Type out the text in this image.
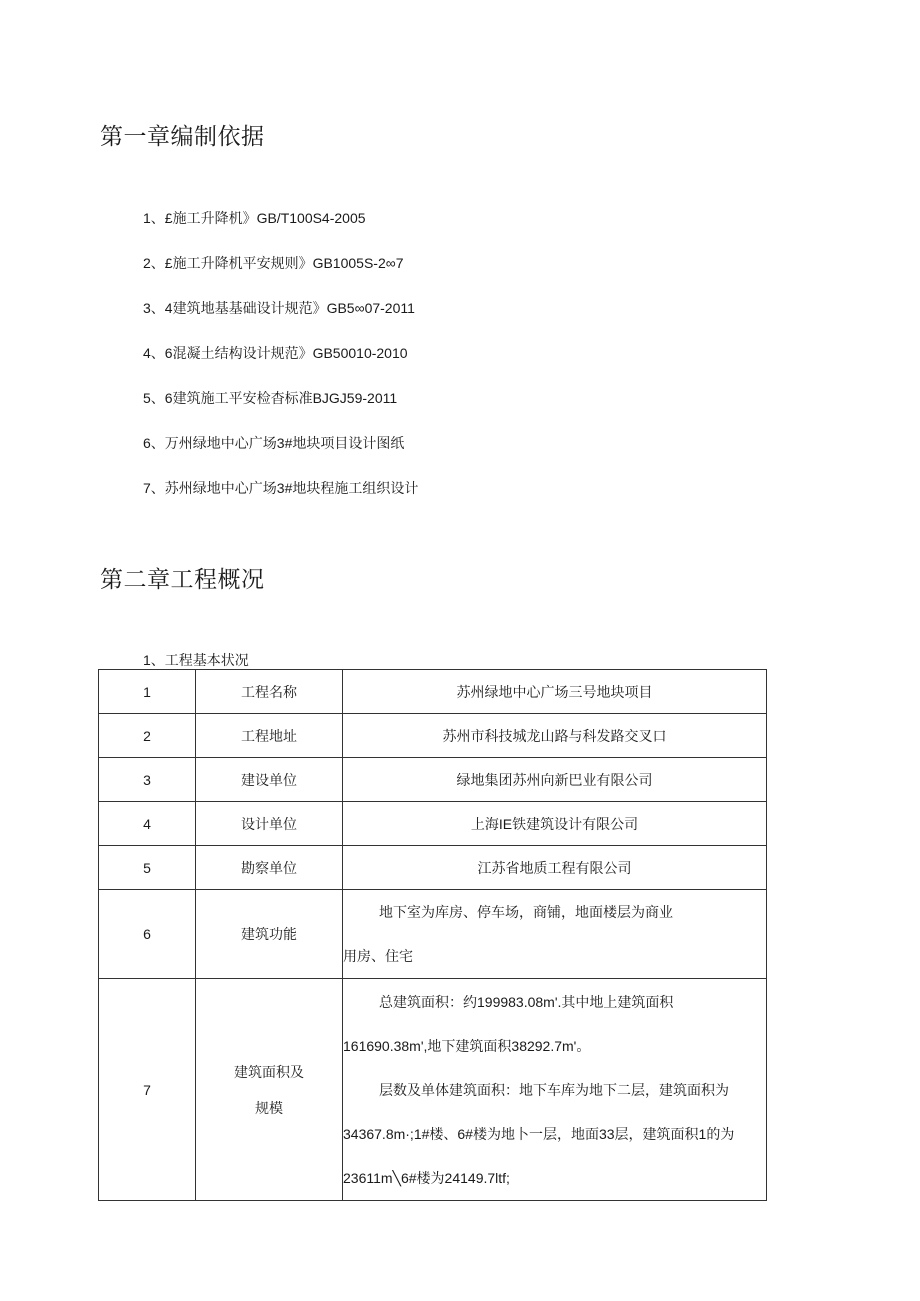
第一章编制依据
1、£施工升降机》GB/T100S4-2005
2、£施工升降机平安规则》GB1005S-2∞7
3、4建筑地基基础设计规范》GB5∞07-2011
4、6混凝土结构设计规范》GB50010-2010
5、6建筑施工平安检杳标准BJGJ59-2011
6、万州绿地中心广场3#地块项目设计图纸
7、苏州绿地中心广场3#地块程施工组织设计
第二章工程概况
1、工程基本状况
1	工程名称	苏州绿地中心广场三号地块项目
2	工程地址	苏州市科技城龙山路与科发路交叉口
3	建设单位	绿地集团苏州向新巴业有限公司
4	设计单位	上海IE铁建筑设计有限公司
5	勘察单位	江苏省地质工程有限公司
6	建筑功能	地下室为库房、停车场，商铺，地面楼层为商业
用房、住宅

7	建筑面积及
规模	总建筑面积：约199983.08m'.其中地上建筑面积
161690.38m',地下建筑面积38292.7m'。
层数及单体建筑面积：地下车库为地下二层，建筑面积为
34367.8m·;1#楼、6#楼为地卜一层，地面33层，建筑面积1的为
23611m╲6#楼为24149.7ltf;
